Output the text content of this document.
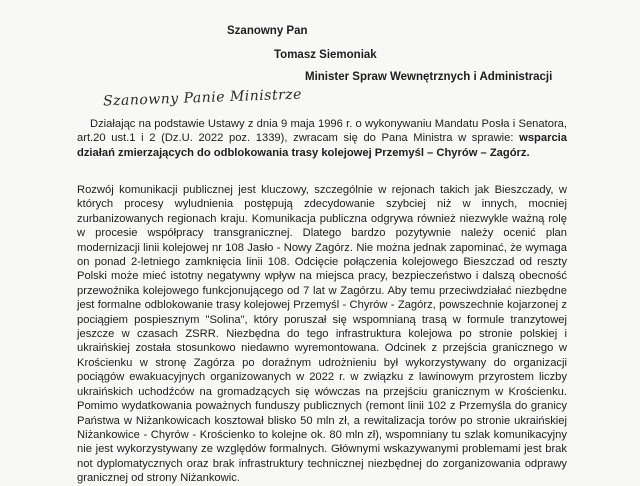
Szanowny Pan
Tomasz Siemoniak
Minister Spraw Wewnętrznych i Administracji
Szanowny Panie Ministrze
Działając na podstawie Ustawy z dnia 9 maja 1996 r. o wykonywaniu Mandatu Posła i Senatora, art.20 ust.1 i 2 (Dz.U. 2022 poz. 1339), zwracam się do Pana Ministra w sprawie: wsparcia działań zmierzających do odblokowania trasy kolejowej Przemyśl – Chyrów – Zagórz.
Rozwój komunikacji publicznej jest kluczowy, szczególnie w rejonach takich jak Bieszczady, w których procesy wyludnienia postępują zdecydowanie szybciej niż w innych, mocniej zurbanizowanych regionach kraju. Komunikacja publiczna odgrywa również niezwykle ważną rolę w procesie współpracy transgranicznej. Dlatego bardzo pozytywnie należy ocenić plan modernizacji linii kolejowej nr 108 Jasło - Nowy Zagórz. Nie można jednak zapominać, że wymaga on ponad 2-letniego zamknięcia linii 108. Odcięcie połączenia kolejowego Bieszczad od reszty Polski może mieć istotny negatywny wpływ na miejsca pracy, bezpieczeństwo i dalszą obecność przewoźnika kolejowego funkcjonującego od 7 lat w Zagórzu. Aby temu przeciwdziałać niezbędne jest formalne odblokowanie trasy kolejowej Przemyśl - Chyrów - Zagórz, powszechnie kojarzonej z pociągiem pospiesznym "Solina", który poruszał się wspomnianą trasą w formule tranzytowej jeszcze w czasach ZSRR. Niezbędna do tego infrastruktura kolejowa po stronie polskiej i ukraińskiej została stosunkowo niedawno wyremontowana. Odcinek z przejścia granicznego w Krościenku w stronę Zagórza po doraźnym udrożnieniu był wykorzystywany do organizacji pociągów ewakuacyjnych organizowanych w 2022 r. w związku z lawinowym przyrostem liczby ukraińskich uchodźców na gromadzących się wówczas na przejściu granicznym w Krościenku. Pomimo wydatkowania poważnych funduszy publicznych (remont linii 102 z Przemyśla do granicy Państwa w Niżankowicach kosztował blisko 50 mln zł, a rewitalizacja torów po stronie ukraińskiej Niżankowice - Chyrów - Krościenko to kolejne ok. 80 mln zł), wspomniany tu szlak komunikacyjny nie jest wykorzystywany ze względów formalnych. Głównymi wskazywanymi problemami jest brak not dyplomatycznych oraz brak infrastruktury technicznej niezbędnej do zorganizowania odprawy granicznej od strony Niżankowic.
